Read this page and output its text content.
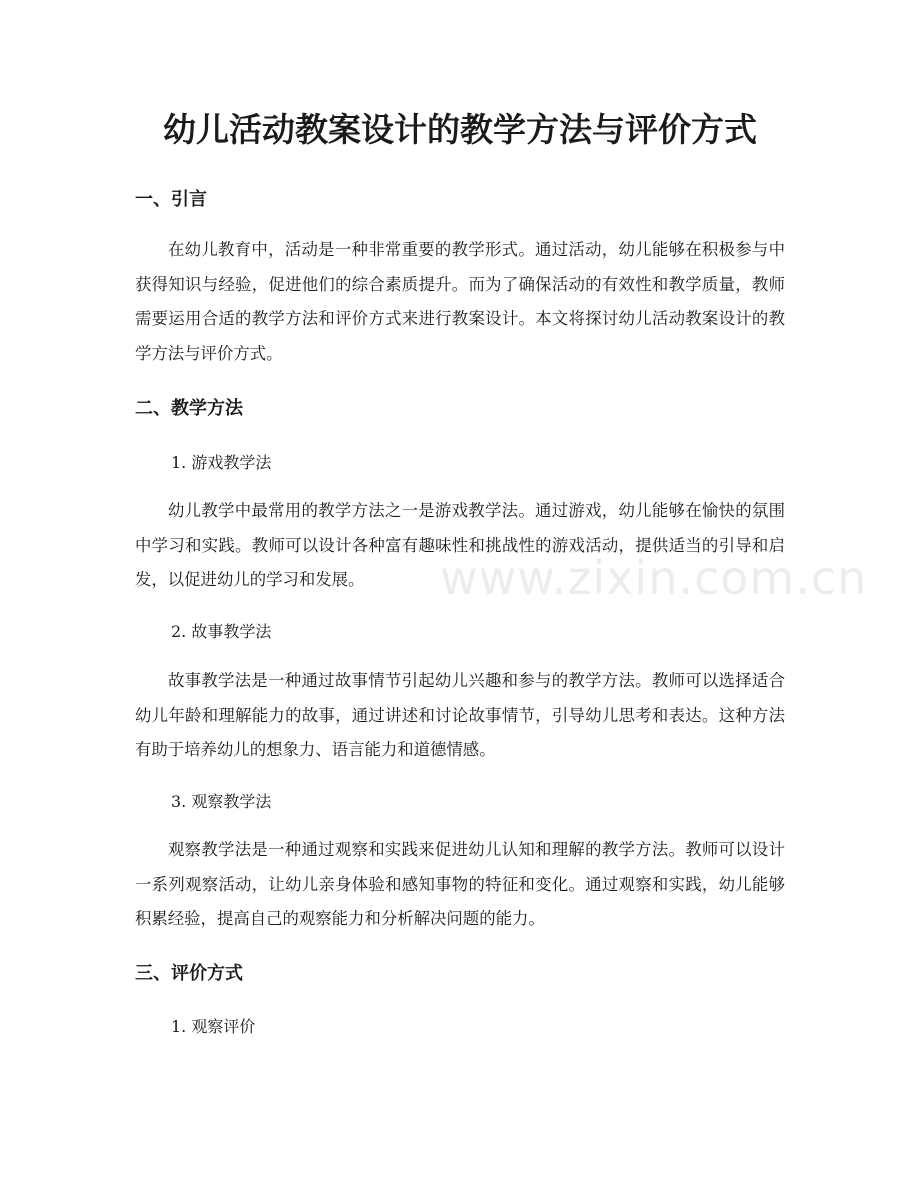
幼儿活动教案设计的教学方法与评价方式
一、引言

在幼儿教育中，活动是一种非常重要的教学形式。通过活动，幼儿能够在积极参与中获得知识与经验，促进他们的综合素质提升。而为了确保活动的有效性和教学质量，教师需要运用合适的教学方法和评价方式来进行教案设计。本文将探讨幼儿活动教案设计的教学方法与评价方式。

二、教学方法

1. 游戏教学法

幼儿教学中最常用的教学方法之一是游戏教学法。通过游戏，幼儿能够在愉快的氛围中学习和实践。教师可以设计各种富有趣味性和挑战性的游戏活动，提供适当的引导和启发，以促进幼儿的学习和发展。

2. 故事教学法

故事教学法是一种通过故事情节引起幼儿兴趣和参与的教学方法。教师可以选择适合幼儿年龄和理解能力的故事，通过讲述和讨论故事情节，引导幼儿思考和表达。这种方法有助于培养幼儿的想象力、语言能力和道德情感。

3. 观察教学法

观察教学法是一种通过观察和实践来促进幼儿认知和理解的教学方法。教师可以设计一系列观察活动，让幼儿亲身体验和感知事物的特征和变化。通过观察和实践，幼儿能够积累经验，提高自己的观察能力和分析解决问题的能力。

三、评价方式

1. 观察评价

www.zixin.com.cn
